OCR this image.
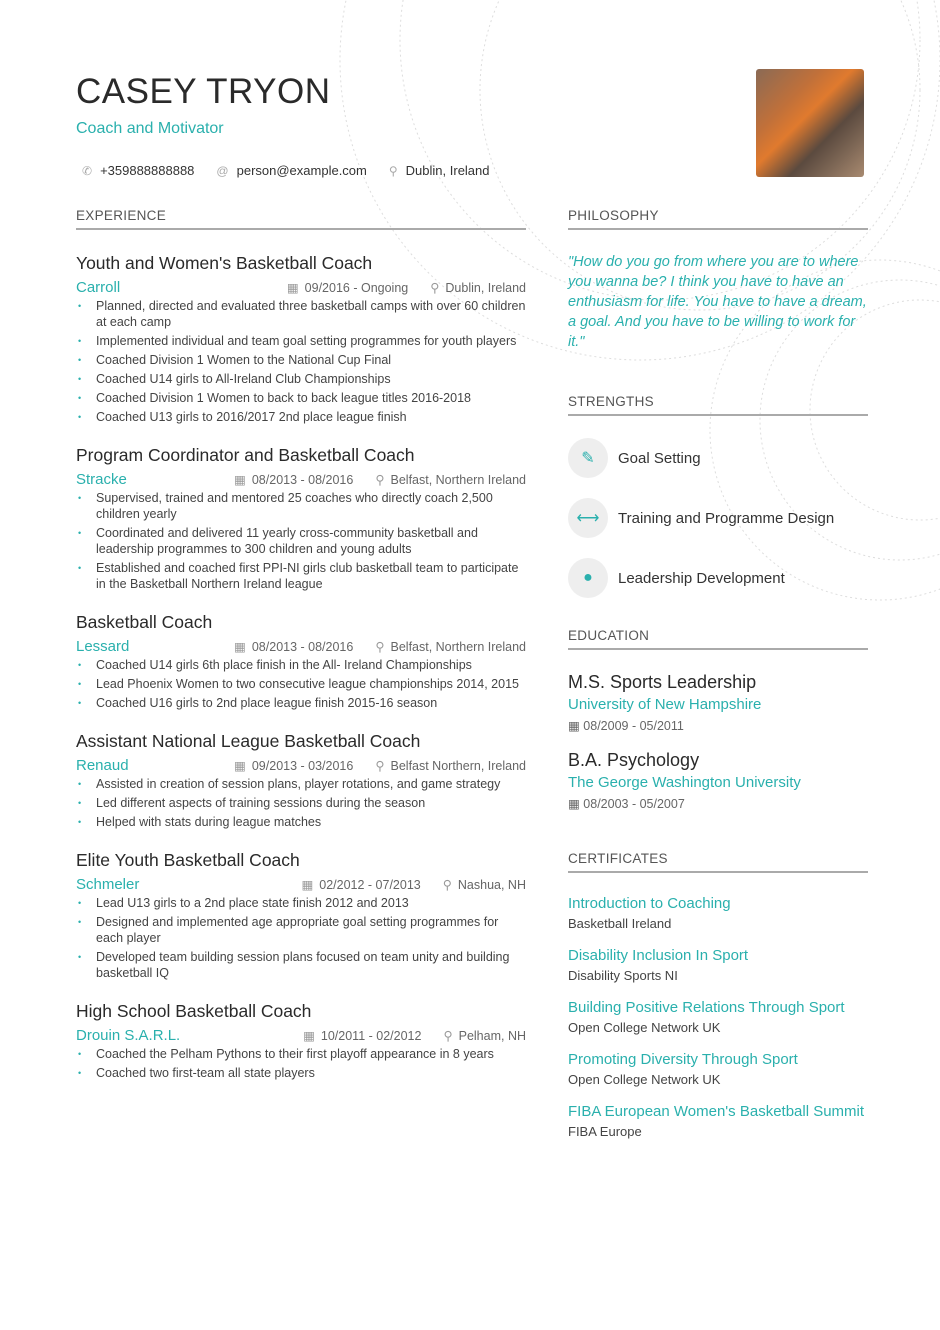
CASEY TRYON
Coach and Motivator
✆ +359888888888 @ person@example.com ⚲ Dublin, Ireland
EXPERIENCE
Youth and Women's Basketball Coach
Carroll	▦ 09/2016 - Ongoing ⚲ Dublin, Ireland
• Planned, directed and evaluated three basketball camps with over 60 children at each camp
• Implemented individual and team goal setting programmes for youth players
• Coached Division 1 Women to the National Cup Final
• Coached U14 girls to All-Ireland Club Championships
• Coached Division 1 Women to back to back league titles 2016-2018
• Coached U13 girls to 2016/2017 2nd place league finish
Program Coordinator and Basketball Coach
Stracke	▦ 08/2013 - 08/2016 ⚲ Belfast, Northern Ireland
• Supervised, trained and mentored 25 coaches who directly coach 2,500 children yearly
• Coordinated and delivered 11 yearly cross-community basketball and leadership programmes to 300 children and young adults
• Established and coached first PPI-NI girls club basketball team to participate in the Basketball Northern Ireland league
Basketball Coach
Lessard	▦ 08/2013 - 08/2016 ⚲ Belfast, Northern Ireland
• Coached U14 girls 6th place finish in the All- Ireland Championships
• Lead Phoenix Women to two consecutive league championships 2014, 2015
• Coached U16 girls to 2nd place league finish 2015-16 season
Assistant National League Basketball Coach
Renaud	▦ 09/2013 - 03/2016 ⚲ Belfast Northern, Ireland
• Assisted in creation of session plans, player rotations, and game strategy
• Led different aspects of training sessions during the season
• Helped with stats during league matches
Elite Youth Basketball Coach
Schmeler	▦ 02/2012 - 07/2013 ⚲ Nashua, NH
• Lead U13 girls to a 2nd place state finish 2012 and 2013
• Designed and implemented age appropriate goal setting programmes for each player
• Developed team building session plans focused on team unity and building basketball IQ
High School Basketball Coach
Drouin S.A.R.L.	▦ 10/2011 - 02/2012 ⚲ Pelham, NH
• Coached the Pelham Pythons to their first playoff appearance in 8 years
• Coached two first-team all state players
PHILOSOPHY
"How do you go from where you are to where you wanna be? I think you have to have an enthusiasm for life. You have to have a dream, a goal. And you have to be willing to work for it."
STRENGTHS
✎	Goal Setting
⟷	Training and Programme Design
●	Leadership Development
EDUCATION
M.S. Sports Leadership
University of New Hampshire
▦ 08/2009 - 05/2011
B.A. Psychology
The George Washington University
▦ 08/2003 - 05/2007
CERTIFICATES
Introduction to Coaching
Basketball Ireland
Disability Inclusion In Sport
Disability Sports NI
Building Positive Relations Through Sport
Open College Network UK
Promoting Diversity Through Sport
Open College Network UK
FIBA European Women's Basketball Summit
FIBA Europe
